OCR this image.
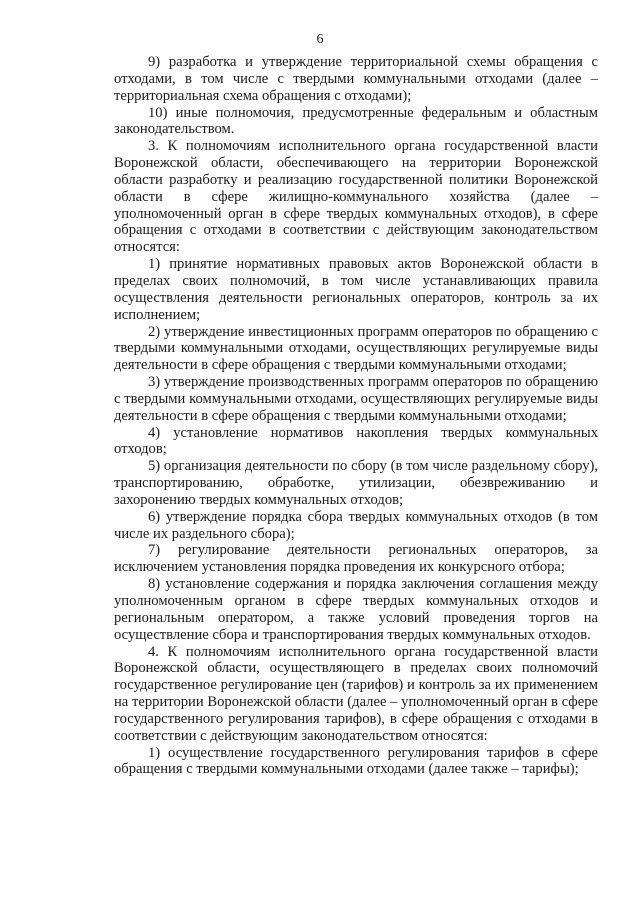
6

9) разработка и утверждение территориальной схемы обращения с отходами, в том числе с твердыми коммунальными отходами (далее – территориальная схема обращения с отходами);

10) иные полномочия, предусмотренные федеральным и областным законодательством.

3. К полномочиям исполнительного органа государственной власти Воронежской области, обеспечивающего на территории Воронежской области разработку и реализацию государственной политики Воронежской области в сфере жилищно-коммунального хозяйства (далее – уполномоченный орган в сфере твердых коммунальных отходов), в сфере обращения с отходами в соответствии с действующим законодательством относятся:

1) принятие нормативных правовых актов Воронежской области в пределах своих полномочий, в том числе устанавливающих правила осуществления деятельности региональных операторов, контроль за их исполнением;

2) утверждение инвестиционных программ операторов по обращению с твердыми коммунальными отходами, осуществляющих регулируемые виды деятельности в сфере обращения с твердыми коммунальными отходами;

3) утверждение производственных программ операторов по обращению с твердыми коммунальными отходами, осуществляющих регулируемые виды деятельности в сфере обращения с твердыми коммунальными отходами;

4) установление нормативов накопления твердых коммунальных отходов;

5) организация деятельности по сбору (в том числе раздельному сбору), транспортированию, обработке, утилизации, обезвреживанию и захоронению твердых коммунальных отходов;

6) утверждение порядка сбора твердых коммунальных отходов (в том числе их раздельного сбора);

7) регулирование деятельности региональных операторов, за исключением установления порядка проведения их конкурсного отбора;

8) установление содержания и порядка заключения соглашения между уполномоченным органом в сфере твердых коммунальных отходов и региональным оператором, а также условий проведения торгов на осуществление сбора и транспортирования твердых коммунальных отходов.

4. К полномочиям исполнительного органа государственной власти Воронежской области, осуществляющего в пределах своих полномочий государственное регулирование цен (тарифов) и контроль за их применением на территории Воронежской области (далее – уполномоченный орган в сфере государственного регулирования тарифов), в сфере обращения с отходами в соответствии с действующим законодательством относятся:

1) осуществление государственного регулирования тарифов в сфере обращения с твердыми коммунальными отходами (далее также – тарифы);
